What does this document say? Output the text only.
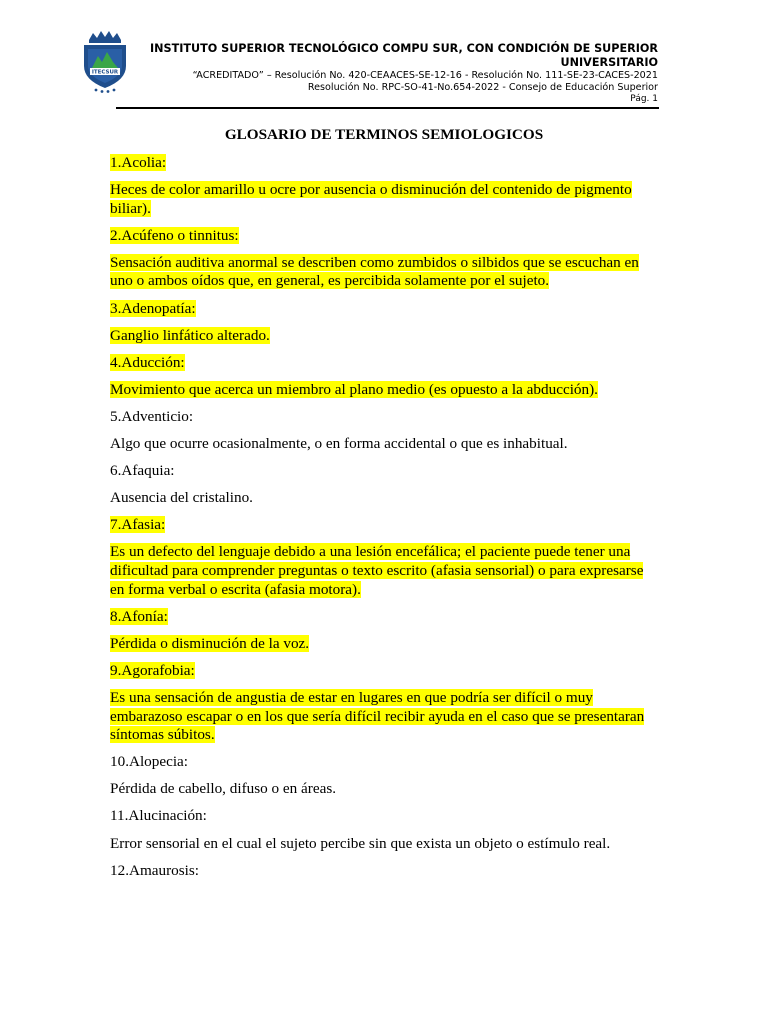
ITECSUR
INSTITUTO SUPERIOR TECNOLÓGICO COMPU SUR, CON CONDICIÓN DE SUPERIOR
UNIVERSITARIO
“ACREDITADO” – Resolución No. 420-CEAACES-SE-12-16 - Resolución No. 111-SE-23-CACES-2021
Resolución No. RPC-SO-41-No.654-2022 - Consejo de Educación Superior
Pág. 1
GLOSARIO DE TERMINOS SEMIOLOGICOS
1.Acolia:
Heces de color amarillo u ocre por ausencia o disminución del contenido de pigmento biliar).
2.Acúfeno o tinnitus:
Sensación auditiva anormal se describen como zumbidos o silbidos que se escuchan en uno o ambos oídos que, en general, es percibida solamente por el sujeto.
3.Adenopatía:
Ganglio linfático alterado.
4.Aducción:
Movimiento que acerca un miembro al plano medio (es opuesto a la abducción).
5.Adventicio:
Algo que ocurre ocasionalmente, o en forma accidental o que es inhabitual.
6.Afaquia:
Ausencia del cristalino.
7.Afasia:
Es un defecto del lenguaje debido a una lesión encefálica; el paciente puede tener una dificultad para comprender preguntas o texto escrito (afasia sensorial) o para expresarse en forma verbal o escrita (afasia motora).
8.Afonía:
Pérdida o disminución de la voz.
9.Agorafobia:
Es una sensación de angustia de estar en lugares en que podría ser difícil o muy embarazoso escapar o en los que sería difícil recibir ayuda en el caso que se presentaran síntomas súbitos.
10.Alopecia:
Pérdida de cabello, difuso o en áreas.
11.Alucinación:
Error sensorial en el cual el sujeto percibe sin que exista un objeto o estímulo real.
12.Amaurosis:
